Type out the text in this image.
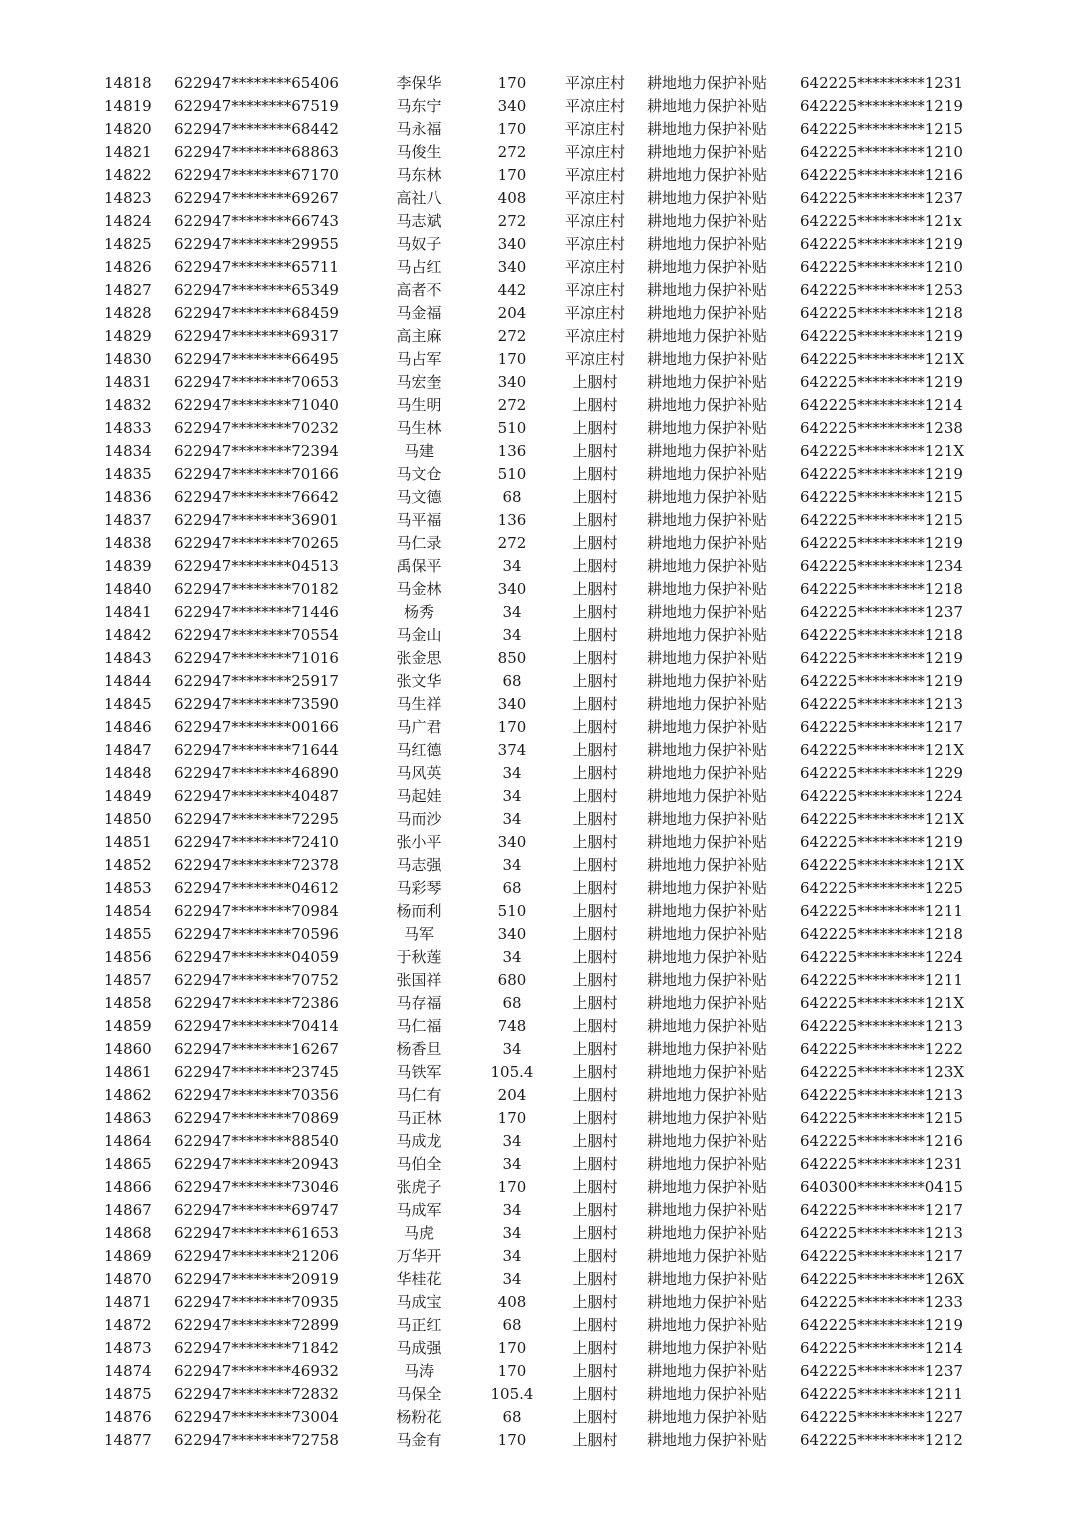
14818	622947********65406	李保华	170	平凉庄村	耕地地力保护补贴	642225*********1231
14819	622947********67519	马东宁	340	平凉庄村	耕地地力保护补贴	642225*********1219
14820	622947********68442	马永福	170	平凉庄村	耕地地力保护补贴	642225*********1215
14821	622947********68863	马俊生	272	平凉庄村	耕地地力保护补贴	642225*********1210
14822	622947********67170	马东林	170	平凉庄村	耕地地力保护补贴	642225*********1216
14823	622947********69267	高社八	408	平凉庄村	耕地地力保护补贴	642225*********1237
14824	622947********66743	马志斌	272	平凉庄村	耕地地力保护补贴	642225*********121x
14825	622947********29955	马奴子	340	平凉庄村	耕地地力保护补贴	642225*********1219
14826	622947********65711	马占红	340	平凉庄村	耕地地力保护补贴	642225*********1210
14827	622947********65349	高者不	442	平凉庄村	耕地地力保护补贴	642225*********1253
14828	622947********68459	马金福	204	平凉庄村	耕地地力保护补贴	642225*********1218
14829	622947********69317	高主麻	272	平凉庄村	耕地地力保护补贴	642225*********1219
14830	622947********66495	马占军	170	平凉庄村	耕地地力保护补贴	642225*********121X
14831	622947********70653	马宏奎	340	上胭村	耕地地力保护补贴	642225*********1219
14832	622947********71040	马生明	272	上胭村	耕地地力保护补贴	642225*********1214
14833	622947********70232	马生林	510	上胭村	耕地地力保护补贴	642225*********1238
14834	622947********72394	马建	136	上胭村	耕地地力保护补贴	642225*********121X
14835	622947********70166	马文仓	510	上胭村	耕地地力保护补贴	642225*********1219
14836	622947********76642	马文德	68	上胭村	耕地地力保护补贴	642225*********1215
14837	622947********36901	马平福	136	上胭村	耕地地力保护补贴	642225*********1215
14838	622947********70265	马仁录	272	上胭村	耕地地力保护补贴	642225*********1219
14839	622947********04513	禹保平	34	上胭村	耕地地力保护补贴	642225*********1234
14840	622947********70182	马金林	340	上胭村	耕地地力保护补贴	642225*********1218
14841	622947********71446	杨秀	34	上胭村	耕地地力保护补贴	642225*********1237
14842	622947********70554	马金山	34	上胭村	耕地地力保护补贴	642225*********1218
14843	622947********71016	张金思	850	上胭村	耕地地力保护补贴	642225*********1219
14844	622947********25917	张文华	68	上胭村	耕地地力保护补贴	642225*********1219
14845	622947********73590	马生祥	340	上胭村	耕地地力保护补贴	642225*********1213
14846	622947********00166	马广君	170	上胭村	耕地地力保护补贴	642225*********1217
14847	622947********71644	马红德	374	上胭村	耕地地力保护补贴	642225*********121X
14848	622947********46890	马风英	34	上胭村	耕地地力保护补贴	642225*********1229
14849	622947********40487	马起娃	34	上胭村	耕地地力保护补贴	642225*********1224
14850	622947********72295	马而沙	34	上胭村	耕地地力保护补贴	642225*********121X
14851	622947********72410	张小平	340	上胭村	耕地地力保护补贴	642225*********1219
14852	622947********72378	马志强	34	上胭村	耕地地力保护补贴	642225*********121X
14853	622947********04612	马彩琴	68	上胭村	耕地地力保护补贴	642225*********1225
14854	622947********70984	杨而利	510	上胭村	耕地地力保护补贴	642225*********1211
14855	622947********70596	马军	340	上胭村	耕地地力保护补贴	642225*********1218
14856	622947********04059	于秋莲	34	上胭村	耕地地力保护补贴	642225*********1224
14857	622947********70752	张国祥	680	上胭村	耕地地力保护补贴	642225*********1211
14858	622947********72386	马存福	68	上胭村	耕地地力保护补贴	642225*********121X
14859	622947********70414	马仁福	748	上胭村	耕地地力保护补贴	642225*********1213
14860	622947********16267	杨香旦	34	上胭村	耕地地力保护补贴	642225*********1222
14861	622947********23745	马铁军	105.4	上胭村	耕地地力保护补贴	642225*********123X
14862	622947********70356	马仁有	204	上胭村	耕地地力保护补贴	642225*********1213
14863	622947********70869	马正林	170	上胭村	耕地地力保护补贴	642225*********1215
14864	622947********88540	马成龙	34	上胭村	耕地地力保护补贴	642225*********1216
14865	622947********20943	马伯全	34	上胭村	耕地地力保护补贴	642225*********1231
14866	622947********73046	张虎子	170	上胭村	耕地地力保护补贴	640300*********0415
14867	622947********69747	马成军	34	上胭村	耕地地力保护补贴	642225*********1217
14868	622947********61653	马虎	34	上胭村	耕地地力保护补贴	642225*********1213
14869	622947********21206	万华开	34	上胭村	耕地地力保护补贴	642225*********1217
14870	622947********20919	华桂花	34	上胭村	耕地地力保护补贴	642225*********126X
14871	622947********70935	马成宝	408	上胭村	耕地地力保护补贴	642225*********1233
14872	622947********72899	马正红	68	上胭村	耕地地力保护补贴	642225*********1219
14873	622947********71842	马成强	170	上胭村	耕地地力保护补贴	642225*********1214
14874	622947********46932	马涛	170	上胭村	耕地地力保护补贴	642225*********1237
14875	622947********72832	马保全	105.4	上胭村	耕地地力保护补贴	642225*********1211
14876	622947********73004	杨粉花	68	上胭村	耕地地力保护补贴	642225*********1227
14877	622947********72758	马金有	170	上胭村	耕地地力保护补贴	642225*********1212
